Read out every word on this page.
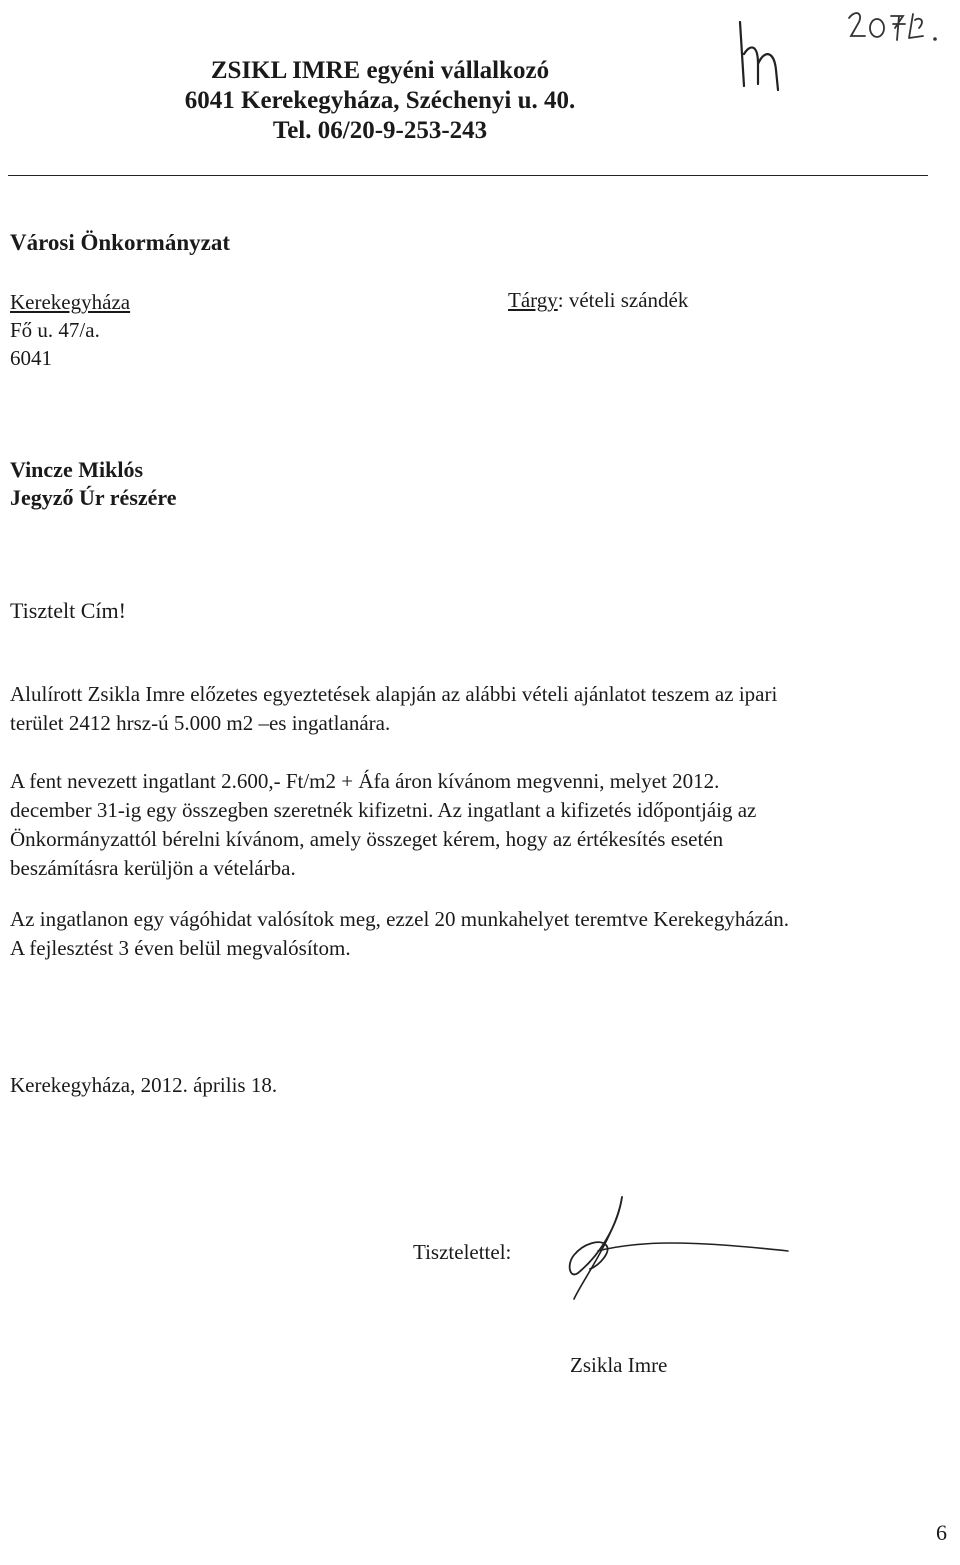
ZSIKL IMRE egyéni vállalkozó
6041 Kerekegyháza, Széchenyi u. 40.
Tel. 06/20-9-253-243
Városi Önkormányzat
Kerekegyháza
Fő u. 47/a.
6041
Tárgy: vételi szándék
Vincze Miklós
Jegyző Úr részére
Tisztelt Cím!
Alulírott Zsikla Imre előzetes egyeztetések alapján az alábbi vételi ajánlatot teszem az ipari
terület 2412 hrsz-ú 5.000 m2 –es ingatlanára.
A fent nevezett ingatlant 2.600,- Ft/m2 + Áfa áron kívánom megvenni, melyet 2012.
december 31-ig egy összegben szeretnék kifizetni. Az ingatlant a kifizetés időpontjáig az
Önkormányzattól bérelni kívánom, amely összeget kérem, hogy az értékesítés esetén
beszámításra kerüljön a vételárba.
Az ingatlanon egy vágóhidat valósítok meg, ezzel 20 munkahelyet teremtve Kerekegyházán.
A fejlesztést 3 éven belül megvalósítom.
Kerekegyháza, 2012. április 18.
Tisztelettel:
Zsikla Imre
6
